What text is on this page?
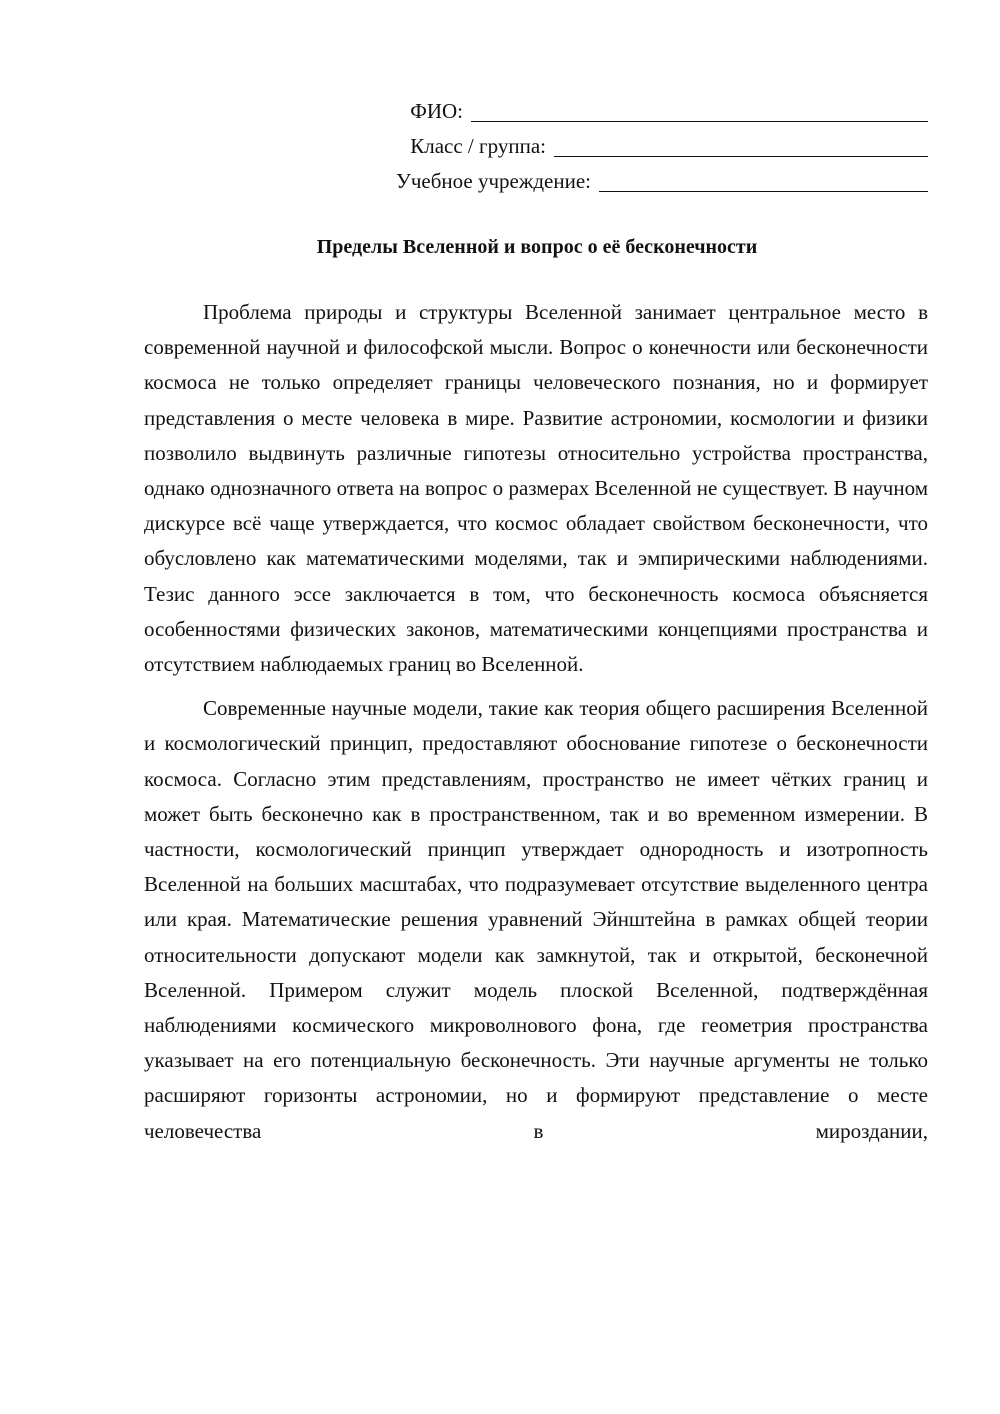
ФИО:
Класс / группа:
Учебное учреждение:
Пределы Вселенной и вопрос о её бесконечности

Проблема природы и структуры Вселенной занимает центральное место в современной научной и философской мысли. Вопрос о конечности или бесконечности космоса не только определяет границы человеческого познания, но и формирует представления о месте человека в мире. Развитие астрономии, космологии и физики позволило выдвинуть различные гипотезы относительно устройства пространства, однако однозначного ответа на вопрос о размерах Вселенной не существует. В научном дискурсе всё чаще утверждается, что космос обладает свойством бесконечности, что обусловлено как математическими моделями, так и эмпирическими наблюдениями. Тезис данного эссе заключается в том, что бесконечность космоса объясняется особенностями физических законов, математическими концепциями пространства и отсутствием наблюдаемых границ во Вселенной.

Современные научные модели, такие как теория общего расширения Вселенной и космологический принцип, предоставляют обоснование гипотезе о бесконечности космоса. Согласно этим представлениям, пространство не имеет чётких границ и может быть бесконечно как в пространственном, так и во временном измерении. В частности, космологический принцип утверждает однородность и изотропность Вселенной на больших масштабах, что подразумевает отсутствие выделенного центра или края. Математические решения уравнений Эйнштейна в рамках общей теории относительности допускают модели как замкнутой, так и открытой, бесконечной Вселенной. Примером служит модель плоской Вселенной, подтверждённая наблюдениями космического микроволнового фона, где геометрия пространства указывает на его потенциальную бесконечность. Эти научные аргументы не только расширяют горизонты астрономии, но и формируют представление о месте человечества в мироздании,
